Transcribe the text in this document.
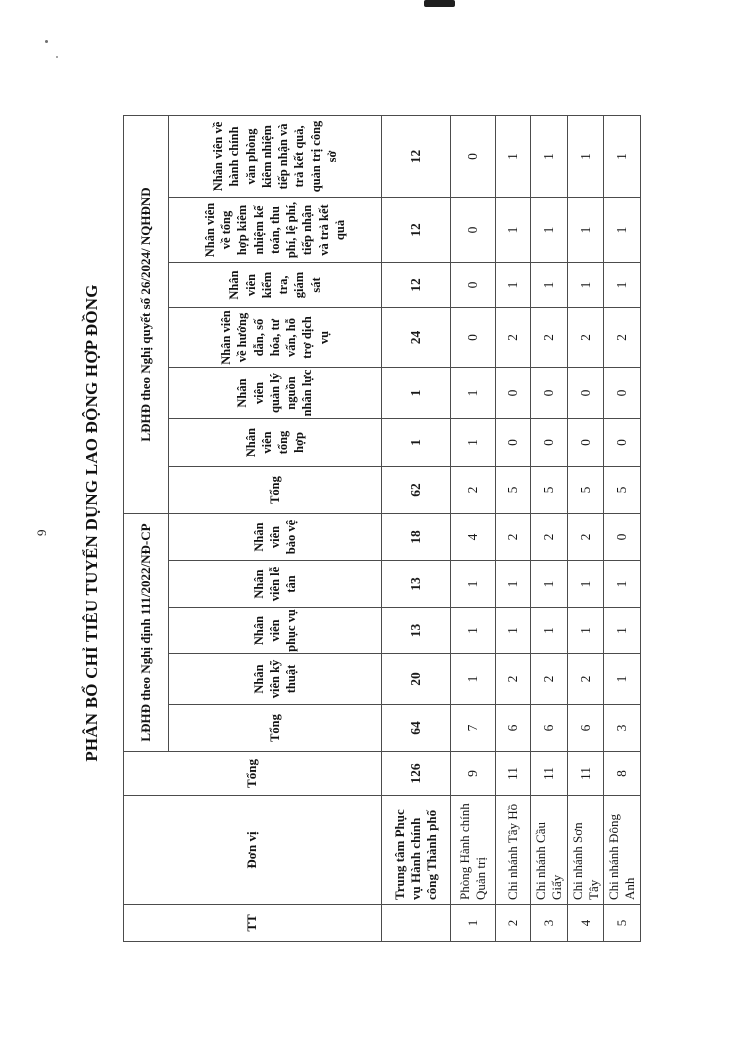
9 PHÂN BỔ CHỈ TIÊU TUYỂN DỤNG LAO ĐỘNG HỢP ĐỒNG
TT	Đơn vị	Tổng	LĐHĐ theo Nghị định 111/2022/NĐ-CP					LĐHĐ theo Nghị quyết số 26/2024/ NQHĐND						
			Tổng	Nhân viên kỹ thuật	Nhân viên phục vụ	Nhân viên lễ tân	Nhân viên bảo vệ	Tổng	Nhân viên tổng hợp	Nhân viên quản lý nguồn nhân lực	Nhân viên về hướng dẫn, số hóa, tư vấn, hỗ trợ dịch vụ	Nhân viên kiểm tra, giám sát	Nhân viên về tổng hợp kiêm nhiệm kế toán, thu phí, lệ phí, tiếp nhận và trả kết quả	Nhân viên về hành chính văn phòng kiêm nhiệm tiếp nhận và trả kết quả, quản trị công sở
	Trung tâm Phục vụ Hành chính công Thành phố	126	64	20	13	13	18	62	1	1	24	12	12	12
1	Phòng Hành chính Quản trị	9	7	1	1	1	4	2	1	1	0	0	0	0
2	Chi nhánh Tây Hồ	11	6	2	1	1	2	5	0	0	2	1	1	1
3	Chi nhánh Cầu Giấy	11	6	2	1	1	2	5	0	0	2	1	1	1
4	Chi nhánh Sơn Tây	11	6	2	1	1	2	5	0	0	2	1	1	1
5	Chi nhánh Đông Anh	8	3	1	1	1	0	5	0	0	2	1	1	1
